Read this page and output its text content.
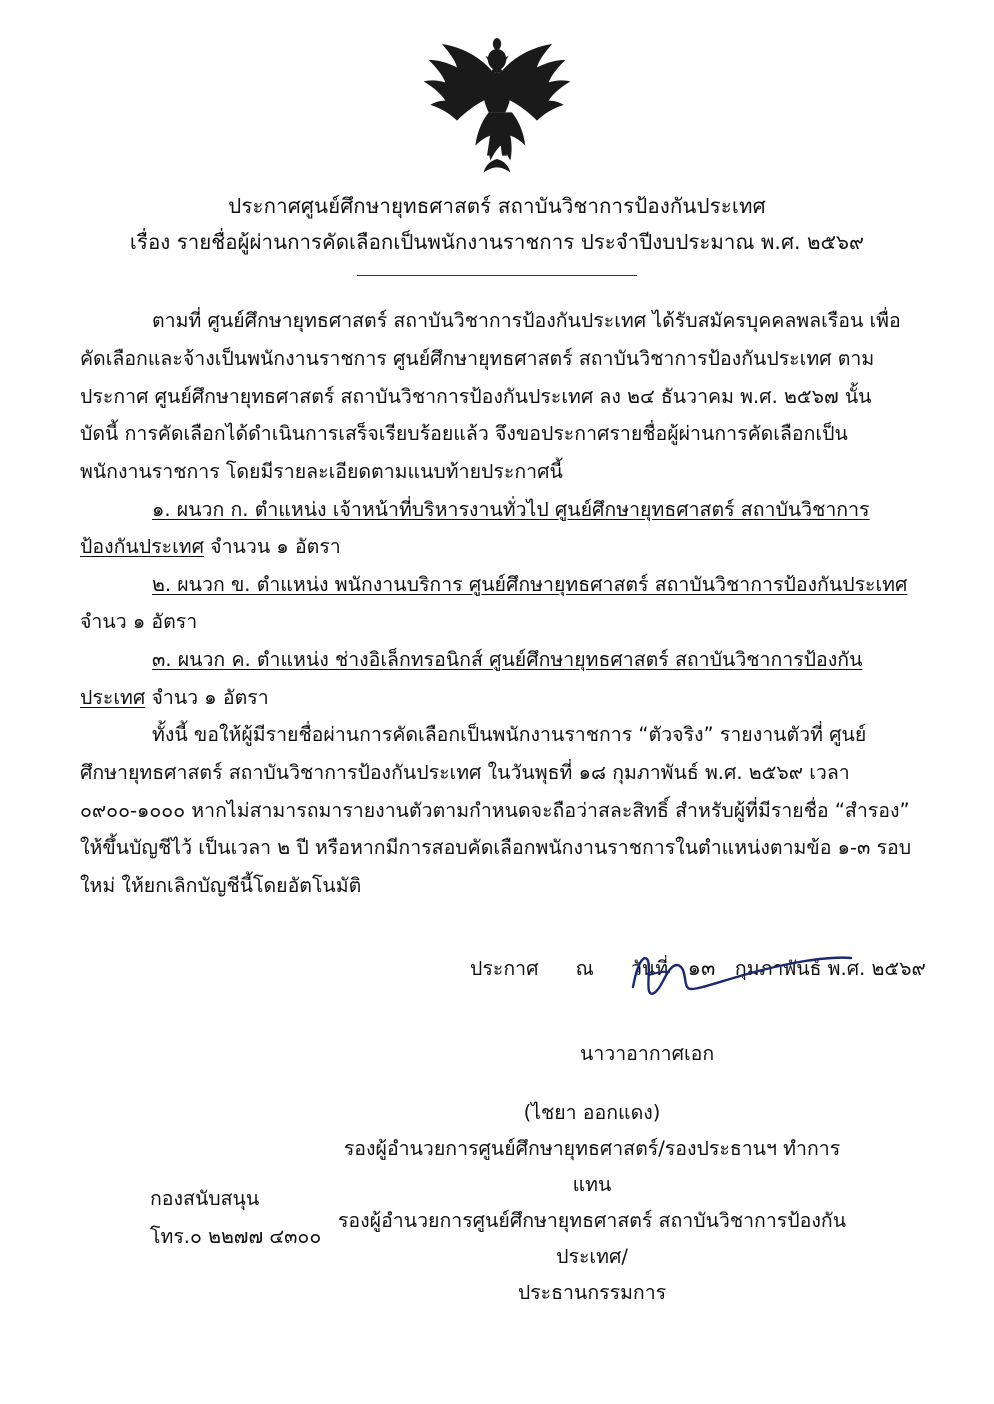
ประกาศศูนย์ศึกษายุทธศาสตร์ สถาบันวิชาการป้องกันประเทศ
เรื่อง รายชื่อผู้ผ่านการคัดเลือกเป็นพนักงานราชการ ประจำปีงบประมาณ พ.ศ. ๒๕๖๙

ตามที่ ศูนย์ศึกษายุทธศาสตร์ สถาบันวิชาการป้องกันประเทศ ได้รับสมัครบุคคลพลเรือน เพื่อคัดเลือกและจ้างเป็นพนักงานราชการ ศูนย์ศึกษายุทธศาสตร์ สถาบันวิชาการป้องกันประเทศ ตามประกาศ ศูนย์ศึกษายุทธศาสตร์ สถาบันวิชาการป้องกันประเทศ ลง ๒๔ ธันวาคม พ.ศ. ๒๕๖๗ นั้น บัดนี้ การคัดเลือกได้ดำเนินการเสร็จเรียบร้อยแล้ว จึงขอประกาศรายชื่อผู้ผ่านการคัดเลือกเป็นพนักงานราชการ โดยมีรายละเอียดตามแนบท้ายประกาศนี้

๑. ผนวก ก. ตำแหน่ง เจ้าหน้าที่บริหารงานทั่วไป ศูนย์ศึกษายุทธศาสตร์ สถาบันวิชาการป้องกันประเทศ จำนวน ๑ อัตรา

๒. ผนวก ข. ตำแหน่ง พนักงานบริการ ศูนย์ศึกษายุทธศาสตร์ สถาบันวิชาการป้องกันประเทศ จำนว ๑ อัตรา

๓. ผนวก ค. ตำแหน่ง ช่างอิเล็กทรอนิกส์ ศูนย์ศึกษายุทธศาสตร์ สถาบันวิชาการป้องกันประเทศ จำนว ๑ อัตรา

ทั้งนี้ ขอให้ผู้มีรายชื่อผ่านการคัดเลือกเป็นพนักงานราชการ “ตัวจริง” รายงานตัวที่ ศูนย์ศึกษายุทธศาสตร์ สถาบันวิชาการป้องกันประเทศ ในวันพุธที่ ๑๘ กุมภาพันธ์ พ.ศ. ๒๕๖๙ เวลา ๐๙๐๐-๑๐๐๐ หากไม่สามารถมารายงานตัวตามกำหนดจะถือว่าสละสิทธิ์ สำหรับผู้ที่มีรายชื่อ “สำรอง” ให้ขึ้นบัญชีไว้ เป็นเวลา ๒ ปี หรือหากมีการสอบคัดเลือกพนักงานราชการในตำแหน่งตามข้อ ๑-๓ รอบใหม่ ให้ยกเลิกบัญชีนี้โดยอัตโนมัติ

ประกาศ ณ วันที่ ๑๓ กุมภาพันธ์ พ.ศ. ๒๕๖๙
นาวาอากาศเอก
(ไชยา ออกแดง)
รองผู้อำนวยการศูนย์ศึกษายุทธศาสตร์/รองประธานฯ ทำการแทน
รองผู้อำนวยการศูนย์ศึกษายุทธศาสตร์ สถาบันวิชาการป้องกันประเทศ/
ประธานกรรมการ
กองสนับสนุน
โทร.๐ ๒๒๗๗ ๔๓๐๐
